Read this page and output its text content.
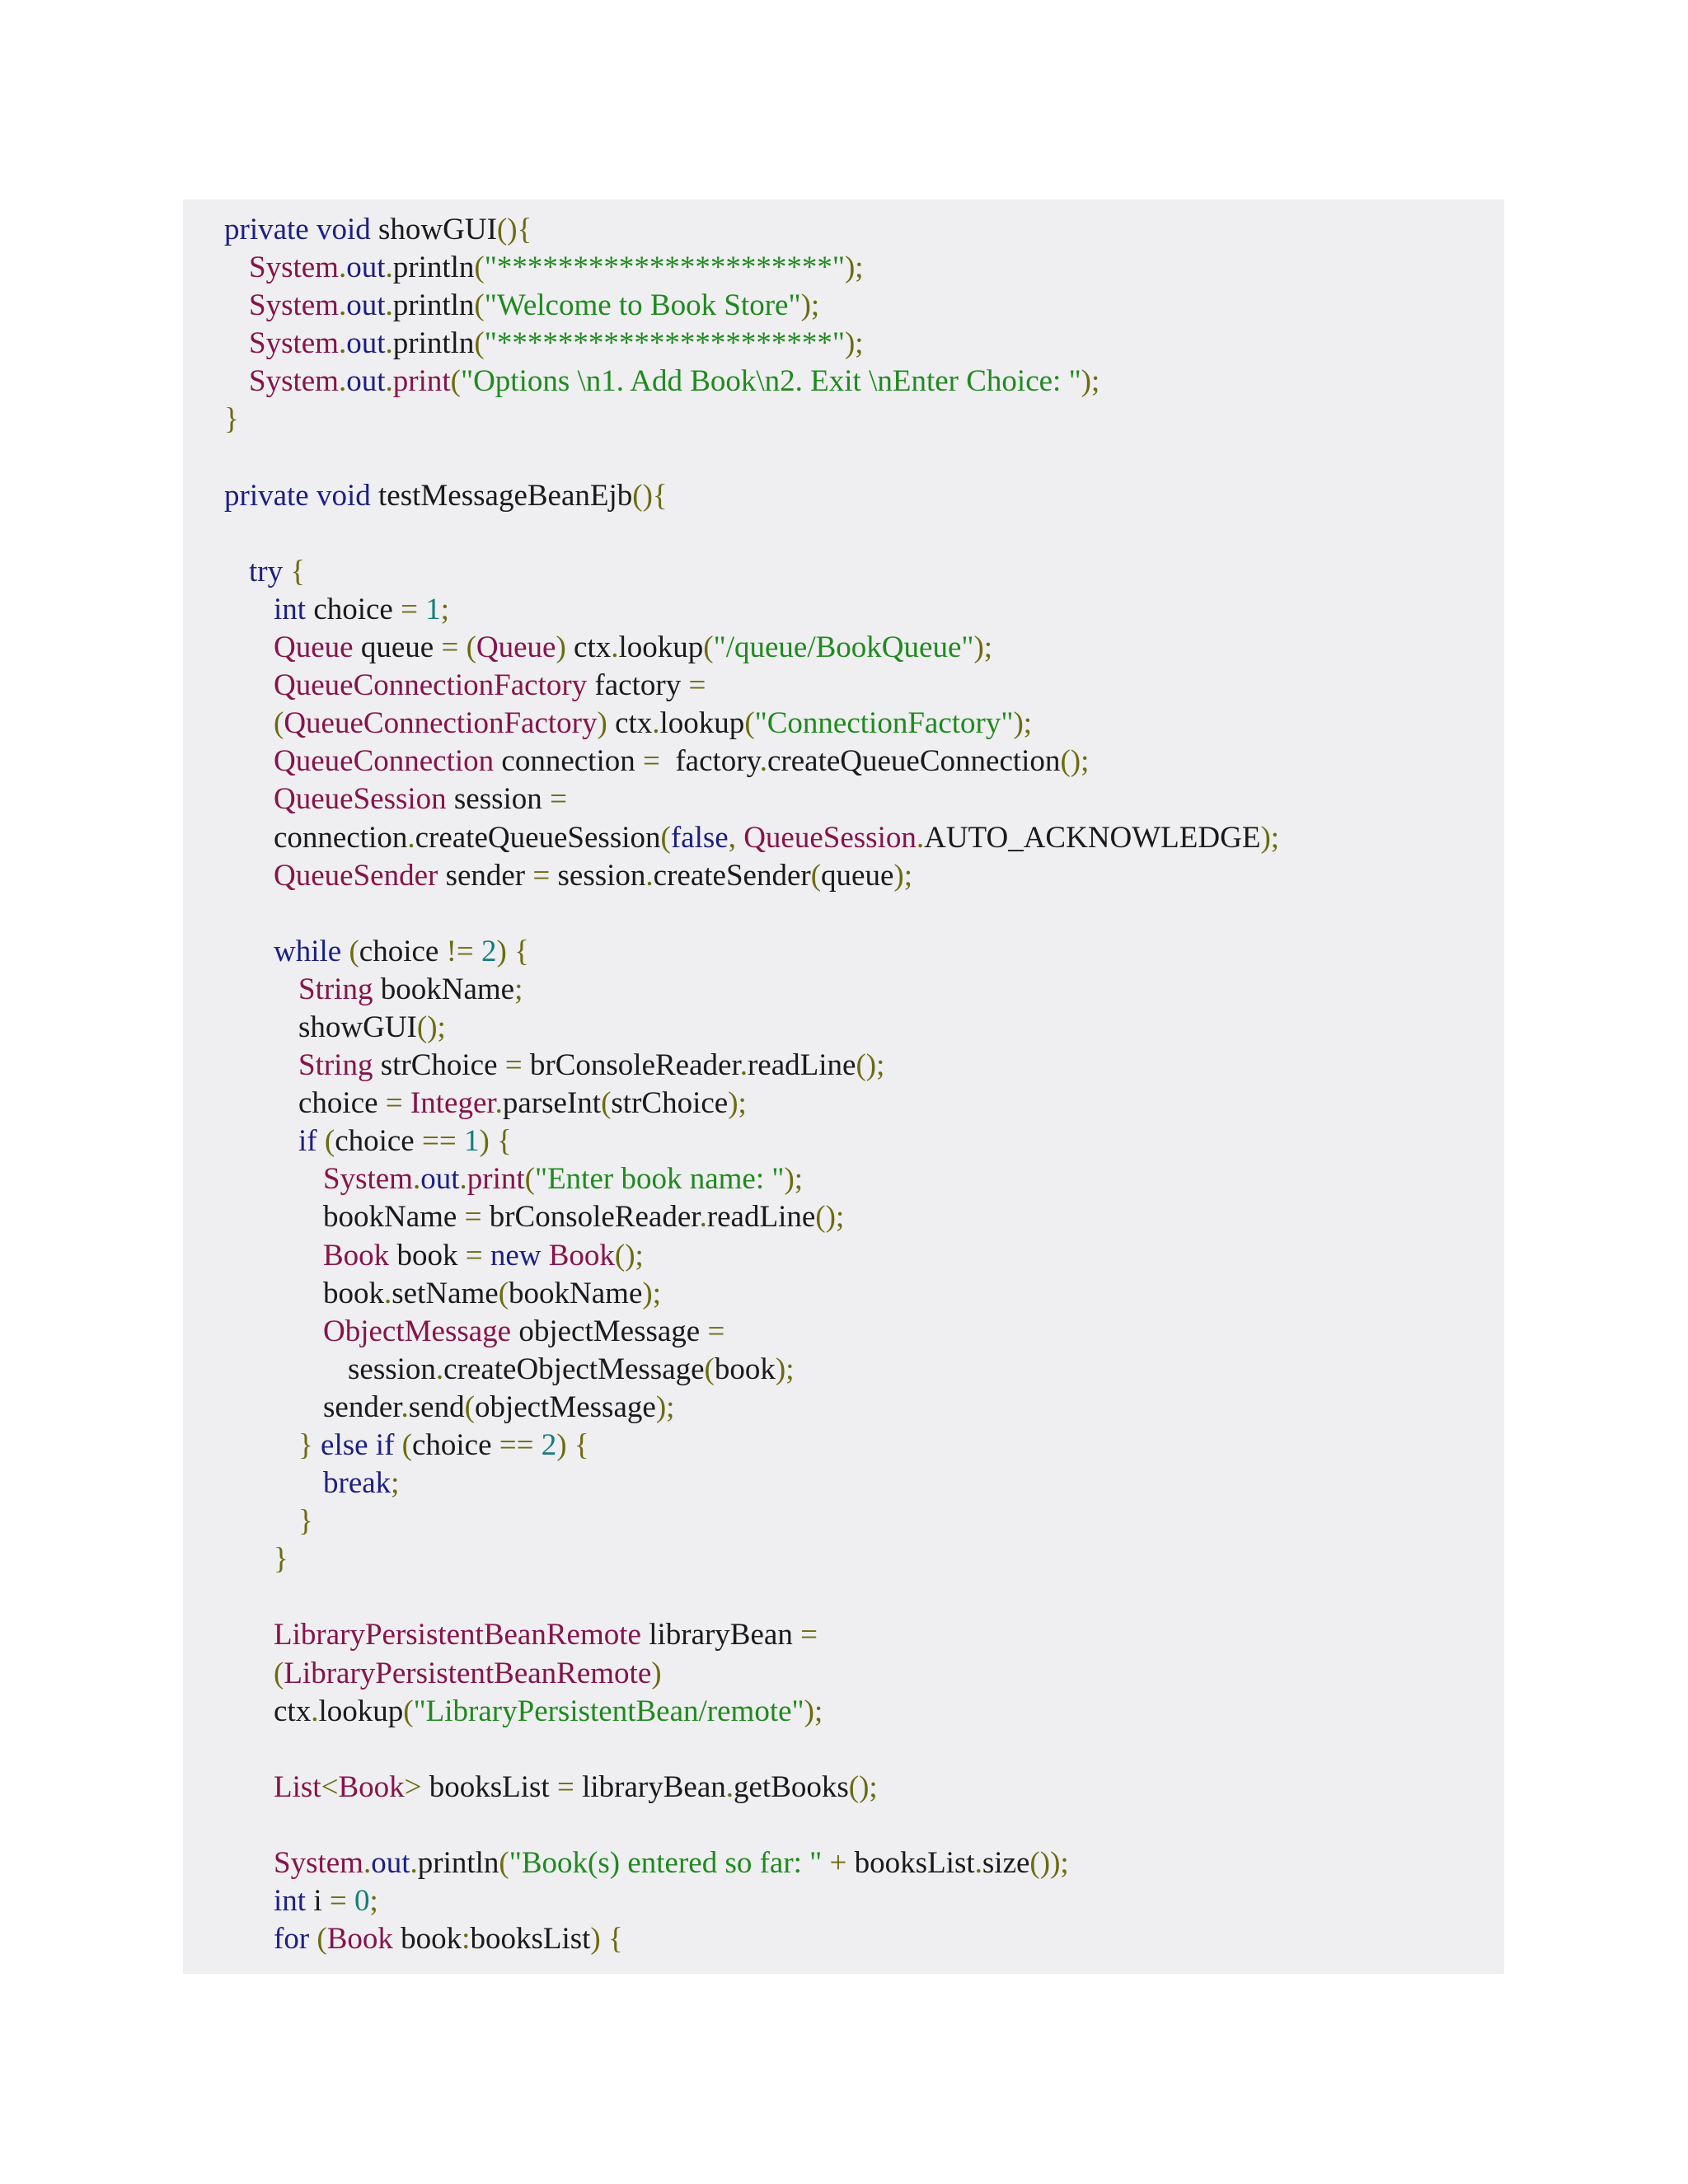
private void showGUI(){
System.out.println("**********************");
System.out.println("Welcome to Book Store");
System.out.println("**********************");
System.out.print("Options \n1. Add Book\n2. Exit \nEnter Choice: ");
}

private void testMessageBeanEjb(){

try {
int choice = 1;
Queue queue = (Queue) ctx.lookup("/queue/BookQueue");
QueueConnectionFactory factory =
(QueueConnectionFactory) ctx.lookup("ConnectionFactory");
QueueConnection connection =  factory.createQueueConnection();
QueueSession session =
connection.createQueueSession(false, QueueSession.AUTO_ACKNOWLEDGE);
QueueSender sender = session.createSender(queue);

while (choice != 2) {
String bookName;
showGUI();
String strChoice = brConsoleReader.readLine();
choice = Integer.parseInt(strChoice);
if (choice == 1) {
System.out.print("Enter book name: ");
bookName = brConsoleReader.readLine();
Book book = new Book();
book.setName(bookName);
ObjectMessage objectMessage =
session.createObjectMessage(book);
sender.send(objectMessage);
} else if (choice == 2) {
break;
}
}

LibraryPersistentBeanRemote libraryBean =
(LibraryPersistentBeanRemote)
ctx.lookup("LibraryPersistentBean/remote");

List<Book> booksList = libraryBean.getBooks();

System.out.println("Book(s) entered so far: " + booksList.size());
int i = 0;
for (Book book:booksList) {
